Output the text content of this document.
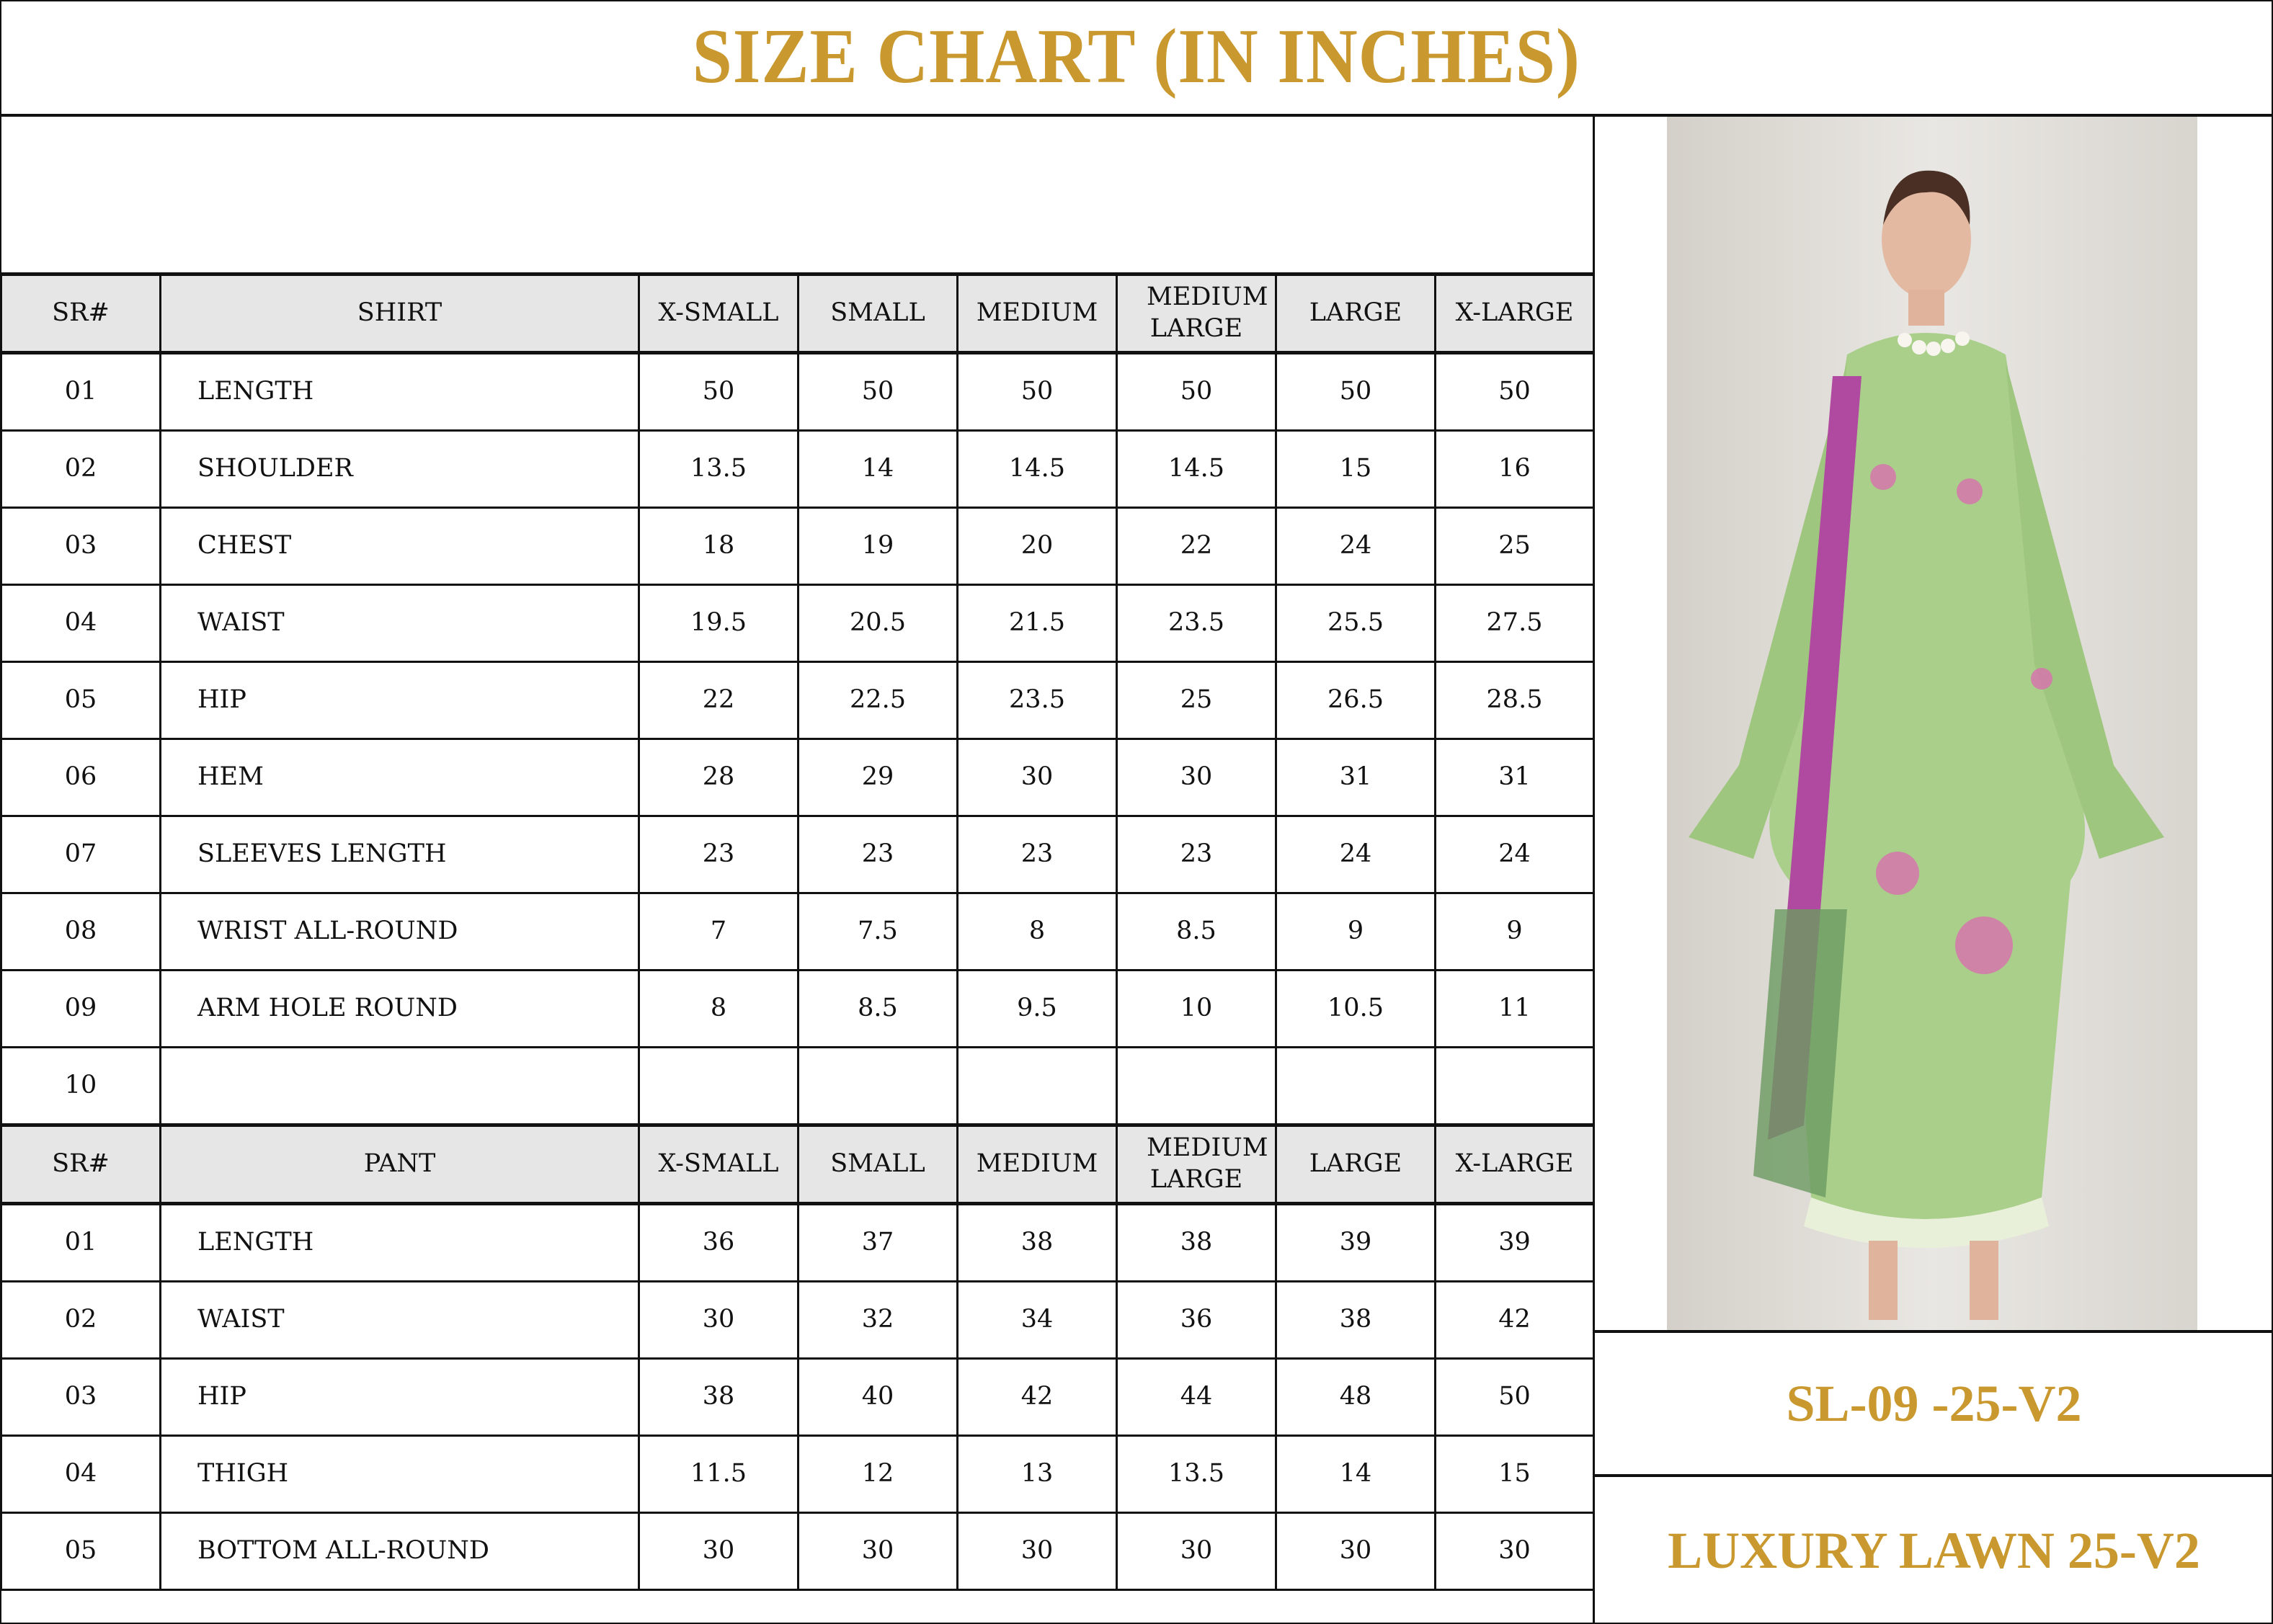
SIZE CHART (IN INCHES)
SR#	SHIRT	X-SMALL	SMALL	MEDIUM	MEDIUM LARGE	LARGE	X-LARGE
01	LENGTH	50	50	50	50	50	50
02	SHOULDER	13.5	14	14.5	14.5	15	16
03	CHEST	18	19	20	22	24	25
04	WAIST	19.5	20.5	21.5	23.5	25.5	27.5
05	HIP	22	22.5	23.5	25	26.5	28.5
06	HEM	28	29	30	30	31	31
07	SLEEVES LENGTH	23	23	23	23	24	24
08	WRIST ALL-ROUND	7	7.5	8	8.5	9	9
09	ARM HOLE ROUND	8	8.5	9.5	10	10.5	11
10							
SR#	PANT	X-SMALL	SMALL	MEDIUM	MEDIUM LARGE	LARGE	X-LARGE
01	LENGTH	36	37	38	38	39	39
02	WAIST	30	32	34	36	38	42
03	HIP	38	40	42	44	48	50
04	THIGH	11.5	12	13	13.5	14	15
05	BOTTOM ALL-ROUND	30	30	30	30	30	30
SL-09 -25-V2
LUXURY LAWN 25-V2
